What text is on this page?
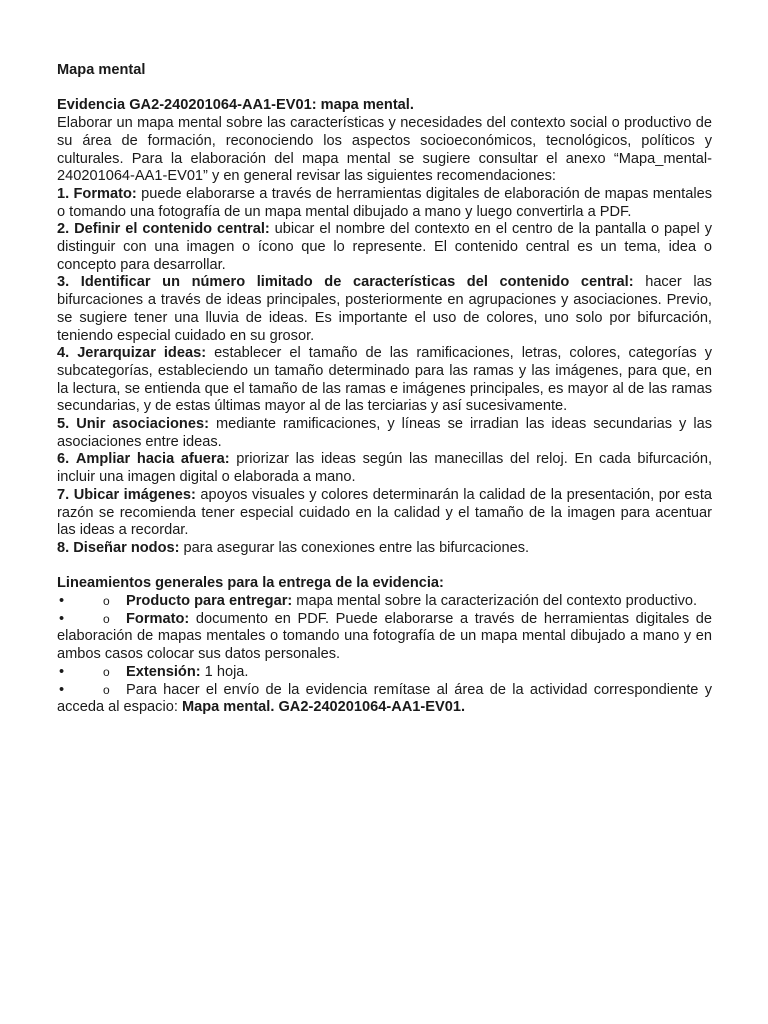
Mapa mental

Evidencia GA2-240201064-AA1-EV01: mapa mental.

Elaborar un mapa mental sobre las características y necesidades del contexto social o productivo de su área de formación, reconociendo los aspectos socioeconómicos, tecnológicos, políticos y culturales. Para la elaboración del mapa mental se sugiere consultar el anexo “Mapa_mental-240201064-AA1-EV01” y en general revisar las siguientes recomendaciones:

1. Formato: puede elaborarse a través de herramientas digitales de elaboración de mapas mentales o tomando una fotografía de un mapa mental dibujado a mano y luego convertirla a PDF.
2. Definir el contenido central: ubicar el nombre del contexto en el centro de la pantalla o papel y distinguir con una imagen o ícono que lo represente. El contenido central es un tema, idea o concepto para desarrollar.
3. Identificar un número limitado de características del contenido central: hacer las bifurcaciones a través de ideas principales, posteriormente en agrupaciones y asociaciones. Previo, se sugiere tener una lluvia de ideas. Es importante el uso de colores, uno solo por bifurcación, teniendo especial cuidado en su grosor.
4. Jerarquizar ideas: establecer el tamaño de las ramificaciones, letras, colores, categorías y subcategorías, estableciendo un tamaño determinado para las ramas y las imágenes, para que, en la lectura, se entienda que el tamaño de las ramas e imágenes principales, es mayor al de las ramas secundarias, y de estas últimas mayor al de las terciarias y así sucesivamente.
5. Unir asociaciones: mediante ramificaciones, y líneas se irradian las ideas secundarias y las asociaciones entre ideas.
6. Ampliar hacia afuera: priorizar las ideas según las manecillas del reloj. En cada bifurcación, incluir una imagen digital o elaborada a mano.
7. Ubicar imágenes: apoyos visuales y colores determinarán la calidad de la presentación, por esta razón se recomienda tener especial cuidado en la calidad y el tamaño de la imagen para acentuar las ideas a recordar.
8. Diseñar nodos: para asegurar las conexiones entre las bifurcaciones.

Lineamientos generales para la entrega de la evidencia:

•	o Producto para entregar: mapa mental sobre la caracterización del contexto productivo.
•	o Formato: documento en PDF. Puede elaborarse a través de herramientas digitales de elaboración de mapas mentales o tomando una fotografía de un mapa mental dibujado a mano y en ambos casos colocar sus datos personales.
•	o Extensión: 1 hoja.
•	o Para hacer el envío de la evidencia remítase al área de la actividad correspondiente y acceda al espacio: Mapa mental. GA2-240201064-AA1-EV01.
